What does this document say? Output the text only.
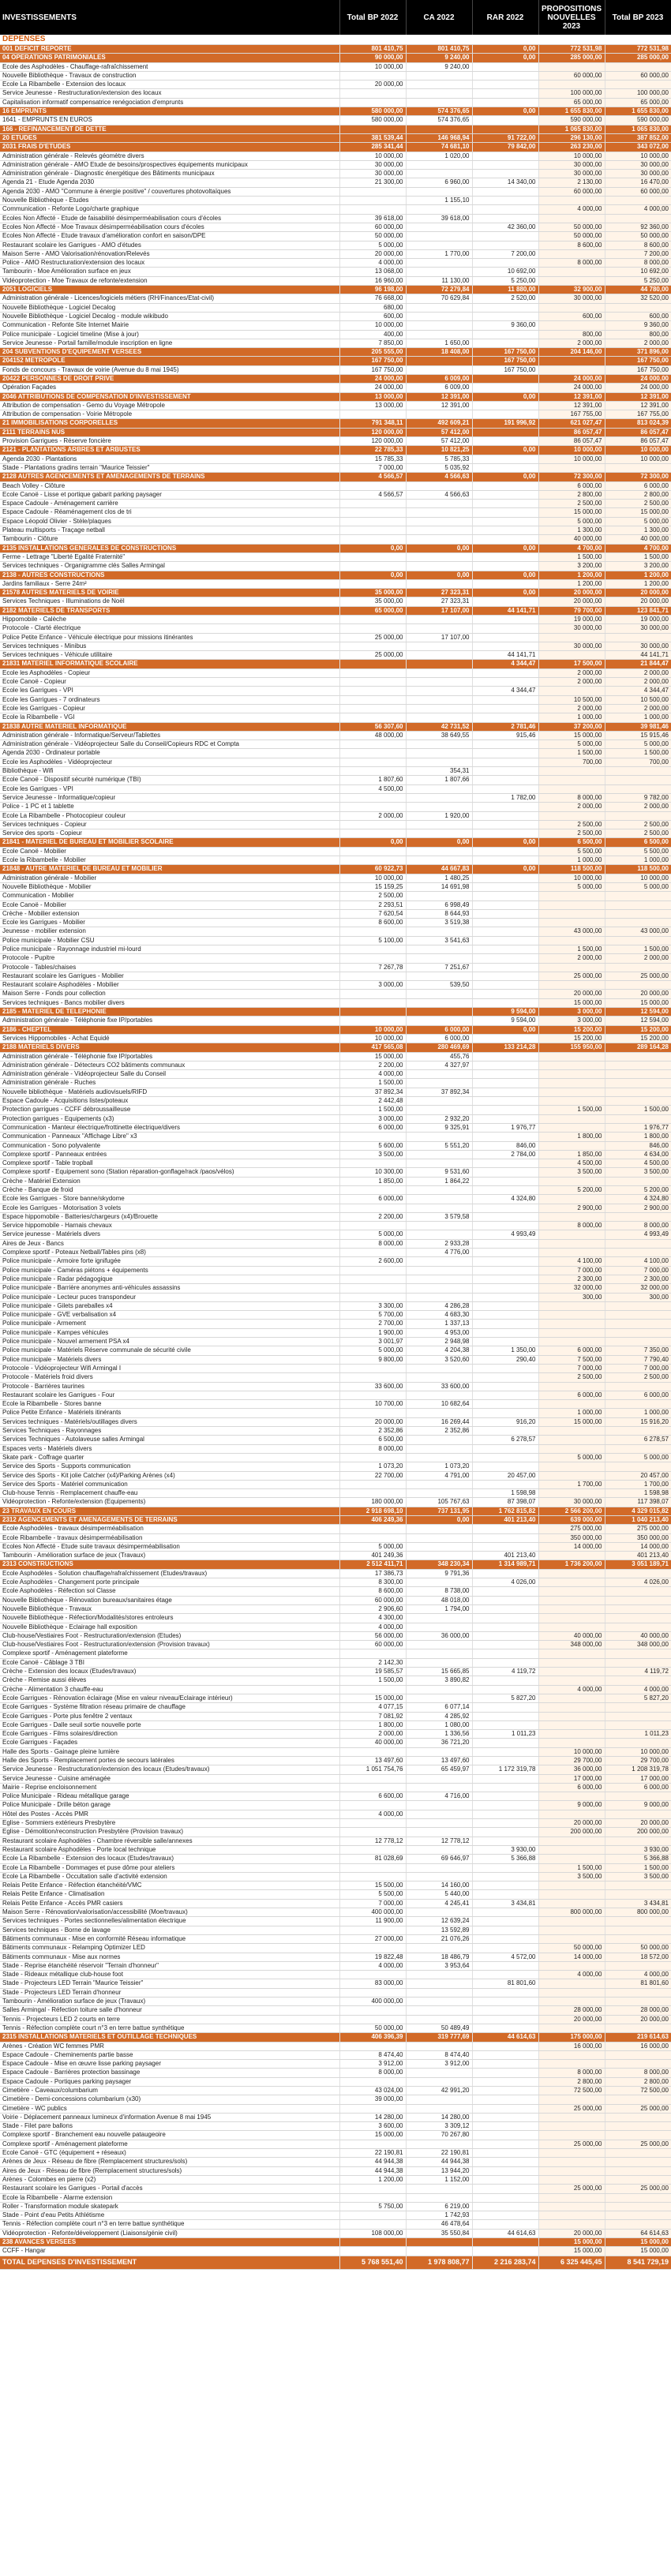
INVESTISSEMENTS	Total BP 2022	CA 2022	RAR 2022	PROPOSITIONS NOUVELLES 2023	Total BP 2023
DEPENSES					
001 DEFICIT REPORTE	801 410,75	801 410,75	0,00	772 531,98	772 531,98
04 OPERATIONS PATRIMONIALES	90 000,00	9 240,00	0,00	285 000,00	285 000,00
Ecole des Asphodèles - Chauffage-rafraîchissement	10 000,00	9 240,00			
Nouvelle Bibliothèque - Travaux de construction				60 000,00	60 000,00
Ecole La Ribambelle - Extension des locaux	20 000,00				
Service Jeunesse - Restructuration/extension des locaux				100 000,00	100 000,00
Capitalisation informatif compensatrice renégociation d'emprunts				65 000,00	65 000,00
16 EMPRUNTS	580 000,00	574 376,65	0,00	1 655 830,00	1 655 830,00
1641 - EMPRUNTS EN EUROS	580 000,00	574 376,65		590 000,00	590 000,00
166 - REFINANCEMENT DE DETTE				1 065 830,00	1 065 830,00
20 ETUDES	381 539,44	146 968,94	91 722,00	296 130,00	387 852,00
2031 FRAIS D'ETUDES	285 341,44	74 681,10	79 842,00	263 230,00	343 072,00
Administration générale - Relevés géomètre divers	10 000,00	1 020,00		10 000,00	10 000,00
Administration générale - AMO Etude de besoins/prospectives équipements municipaux	30 000,00			30 000,00	30 000,00
Administration générale - Diagnostic énergétique des Bâtiments municipaux	30 000,00			30 000,00	30 000,00
Agenda 21 - Etude Agenda 2030	21 300,00	6 960,00	14 340,00	2 130,00	16 470,00
Agenda 2030 - AMO "Commune à énergie positive" / couvertures photovoltaïques				60 000,00	60 000,00
Nouvelle Bibliothèque - Etudes		1 155,10			
Communication - Refonte Logo/charte graphique				4 000,00	4 000,00
Ecoles Non Affecté - Etude de faisabilité désimperméabilisation cours d'écoles	39 618,00	39 618,00			
Ecoles Non Affecté - Moe Travaux désimperméabilisation cours d'écoles	60 000,00		42 360,00	50 000,00	92 360,00
Ecoles Non Affecté - Etude travaux d'amélioration confort en saison/DPE	50 000,00			50 000,00	50 000,00
Restaurant scolaire les Garrigues - AMO d'études	5 000,00			8 600,00	8 600,00
Maison Serre - AMO Valorisation/rénovation/Relevés	20 000,00	1 770,00	7 200,00		7 200,00
Police - AMO Restructuration/extension des locaux	4 000,00			8 000,00	8 000,00
Tambourin - Moe Amélioration surface en jeux	13 068,00		10 692,00		10 692,00
Vidéoprotection - Moe Travaux de refonte/extension	16 960,00	11 130,00	5 250,00		5 250,00
2051 LOGICIELS	96 198,00	72 279,84	11 880,00	32 900,00	44 780,00
Administration générale - Licences/logiciels métiers (RH/Finances/Etat-civil)	76 668,00	70 629,84	2 520,00	30 000,00	32 520,00
Nouvelle Bibliothèque - Logiciel Decalog	680,00				
Nouvelle Bibliothèque - Logiciel Decalog - module wikibudo	600,00			600,00	600,00
Communication - Refonte Site Internet Mairie	10 000,00		9 360,00		9 360,00
Police municipale - Logiciel timeline (Mise à jour)	400,00			800,00	800,00
Service Jeunesse - Portail famille/module inscription en ligne	7 850,00	1 650,00		2 000,00	2 000,00
204 SUBVENTIONS D'EQUIPEMENT VERSEES	205 555,00	18 408,00	167 750,00	204 146,00	371 896,00
204152 METROPOLE	167 750,00		167 750,00		167 750,00
Fonds de concours - Travaux de voirie (Avenue du 8 mai 1945)	167 750,00		167 750,00		167 750,00
20422 PERSONNES DE DROIT PRIVE	24 000,00	6 009,00		24 000,00	24 000,00
Opération Façades	24 000,00	6 009,00		24 000,00	24 000,00
2046 ATTRIBUTIONS DE COMPENSATION D'INVESTISSEMENT	13 000,00	12 391,00	0,00	12 391,00	12 391,00
Attribution de compensation - Gemo du Voyage Métropole	13 000,00	12 391,00		12 391,00	12 391,00
Attribution de compensation - Voirie Métropole				167 755,00	167 755,00
21 IMMOBILISATIONS CORPORELLES	791 348,11	492 609,21	191 996,92	621 027,47	813 024,39
2111 TERRAINS NUS	120 000,00	57 412,00		86 057,47	86 057,47
Provision Garrigues - Réserve foncière	120 000,00	57 412,00		86 057,47	86 057,47
2121 - PLANTATIONS ARBRES ET ARBUSTES	22 785,33	10 821,25	0,00	10 000,00	10 000,00
Agenda 2030 - Plantations	15 785,33	5 785,33		10 000,00	10 000,00
Stade - Plantations gradins terrain "Maurice Teissier"	7 000,00	5 035,92			
2128 AUTRES AGENCEMENTS ET AMENAGEMENTS DE TERRAINS	4 566,57	4 566,63	0,00	72 300,00	72 300,00
Beach Volley - Clôture				6 000,00	6 000,00
Ecole Canoë - Lisse et portique gabarit parking paysager	4 566,57	4 566,63		2 800,00	2 800,00
Espace Cadoule - Aménagement carrière				2 500,00	2 500,00
Espace Cadoule - Réaménagement clos de tri				15 000,00	15 000,00
Espace Léopold Olivier - Stèle/plaques				5 000,00	5 000,00
Plateau multisports - Traçage netball				1 300,00	1 300,00
Tambourin - Clôture				40 000,00	40 000,00
2135 INSTALLATIONS GENERALES DE CONSTRUCTIONS	0,00	0,00	0,00	4 700,00	4 700,00
Ferme - Lettrage "Liberté Egalité Fraternité"				1 500,00	1 500,00
Services techniques - Organigramme clés Salles Armingal				3 200,00	3 200,00
2138 - AUTRES CONSTRUCTIONS	0,00	0,00	0,00	1 200,00	1 200,00
Jardins familiaux - Serre 24m²				1 200,00	1 200,00
21578 AUTRES MATERIELS DE VOIRIE	35 000,00	27 323,31	0,00	20 000,00	20 000,00
Services Techniques - Illuminations de Noël	35 000,00	27 323,31		20 000,00	20 000,00
2182 MATERIELS DE TRANSPORTS	65 000,00	17 107,00	44 141,71	79 700,00	123 841,71
Hippomobile - Calèche				19 000,00	19 000,00
Protocole - Clarté électrique				30 000,00	30 000,00
Police Petite Enfance - Véhicule électrique pour missions itinérantes	25 000,00	17 107,00			
Services techniques - Minibus				30 000,00	30 000,00
Services techniques - Véhicule utilitaire	25 000,00		44 141,71		44 141,71
21831 MATERIEL INFORMATIQUE SCOLAIRE			4 344,47	17 500,00	21 844,47
Ecole les Asphodèles - Copieur				2 000,00	2 000,00
Ecole Canoë - Copieur				2 000,00	2 000,00
Ecole les Garrigues - VPI			4 344,47		4 344,47
Ecole les Garrigues - 7 ordinateurs				10 500,00	10 500,00
Ecole les Garrigues - Copieur				2 000,00	2 000,00
Ecole la Ribambelle - VGI				1 000,00	1 000,00
21838 AUTRE MATERIEL INFORMATIQUE	56 307,60	42 731,52	2 781,46	37 200,00	39 981,46
Administration générale - Informatique/Serveur/Tablettes	48 000,00	38 649,55	915,46	15 000,00	15 915,46
Administration générale - Vidéoprojecteur Salle du Conseil/Copieurs RDC et Compta				5 000,00	5 000,00
Agenda 2030 - Ordinateur portable				1 500,00	1 500,00
Ecole les Asphodèles - Vidéoprojecteur				700,00	700,00
Bibliothèque - Wifi		354,31			
Ecole Canoë - Dispositif sécurité numérique (TBI)	1 807,60	1 807,66			
Ecole les Garrigues - VPI	4 500,00				
Service Jeunesse - Informatique/copieur			1 782,00	8 000,00	9 782,00
Police - 1 PC et 1 tablette				2 000,00	2 000,00
Ecole La Ribambelle - Photocopieur couleur	2 000,00	1 920,00			
Services techniques - Copieur				2 500,00	2 500,00
Service des sports - Copieur				2 500,00	2 500,00
21841 - MATERIEL DE BUREAU ET MOBILIER SCOLAIRE	0,00	0,00	0,00	6 500,00	6 500,00
Ecole Canoë - Mobilier				5 500,00	5 500,00
Ecole la Ribambelle - Mobilier				1 000,00	1 000,00
21848 - AUTRE MATERIEL DE BUREAU ET MOBILIER	60 922,73	44 667,83	0,00	118 500,00	118 500,00
Administration générale - Mobilier	10 000,00	1 480,25		10 000,00	10 000,00
Nouvelle Bibliothèque - Mobilier	15 159,25	14 691,98		5 000,00	5 000,00
Communication - Mobilier	2 500,00				
Ecole Canoë - Mobilier	2 293,51	6 998,49			
Crèche - Mobilier extension	7 620,54	8 644,93			
Ecole les Garrigues - Mobilier	8 600,00	3 519,38			
Jeunesse - mobilier extension				43 000,00	43 000,00
Police municipale - Mobilier CSU	5 100,00	3 541,63			
Police municipale - Rayonnage industriel mi-lourd				1 500,00	1 500,00
Protocole - Pupitre				2 000,00	2 000,00
Protocole - Tables/chaises	7 267,78	7 251,67			
Restaurant scolaire les Garrigues - Mobilier				25 000,00	25 000,00
Restaurant scolaire Asphodèles - Mobilier	3 000,00	539,50			
Maison Serre - Fonds pour collection				20 000,00	20 000,00
Services techniques - Bancs mobilier divers				15 000,00	15 000,00
2185 - MATERIEL DE TELEPHONIE			9 594,00	3 000,00	12 594,00
Administration générale - Téléphonie fixe IP/portables			9 594,00	3 000,00	12 594,00
2186 - CHEPTEL	10 000,00	6 000,00	0,00	15 200,00	15 200,00
Services Hippomobiles - Achat Equidé	10 000,00	6 000,00		15 200,00	15 200,00
2188 MATERIELS DIVERS	417 565,08	280 469,69	133 214,28	155 950,00	289 164,28
Administration générale - Téléphonie fixe IP/portables	15 000,00	455,76			
Administration générale - Détecteurs CO2 bâtiments communaux	2 200,00	4 327,97			
Administration générale - Vidéoprojecteur Salle du Conseil	4 000,00				
Administration générale - Ruches	1 500,00				
Nouvelle bibliothèque - Matériels audiovisuels/RIFD	37 892,34	37 892,34			
Espace Cadoule - Acquisitions listes/poteaux	2 442,48				
Protection garrigues - CCFF débroussailleuse	1 500,00			1 500,00	1 500,00
Protection garrigues - Equipements (x3)	3 000,00	2 932,20			
Communication - Manteur électrique/frottinette électrique/divers	6 000,00	9 325,91	1 976,77		1 976,77
Communication - Panneaux "Affichage Libre" x3				1 800,00	1 800,00
Communication - Sono polyvalente	5 600,00	5 551,20	846,00		846,00
Complexe sportif - Panneaux entrées	3 500,00		2 784,00	1 850,00	4 634,00
Complexe sportif - Table tropball				4 500,00	4 500,00
Complexe sportif - Equipement sono (Station réparation-gonflage/rack /paos/vélos)	10 300,00	9 531,60		3 500,00	3 500,00
Crèche - Matériel Extension	1 850,00	1 864,22			
Crèche - Banque de froid				5 200,00	5 200,00
Ecole les Garrigues - Store banne/skydome	6 000,00		4 324,80		4 324,80
Ecole les Garrigues - Motorisation 3 volets				2 900,00	2 900,00
Espace hippomobile - Batteries/chargeurs (x4)/Brouette	2 200,00	3 579,58			
Service hippomobile - Harnais chevaux				8 000,00	8 000,00
Service jeunesse - Matériels divers	5 000,00		4 993,49		4 993,49
Aires de Jeux - Bancs	8 000,00	2 933,28			
Complexe sportif - Poteaux Netball/Tables pins (x8)		4 776,00			
Police municipale - Armoire forte ignifugée	2 600,00			4 100,00	4 100,00
Police municipale - Caméras piétons + équipements				7 000,00	7 000,00
Police municipale - Radar pédagogique				2 300,00	2 300,00
Police municipale - Barrière anonymes anti-véhicules assassins				32 000,00	32 000,00
Police municipale - Lecteur puces transpondeur				300,00	300,00
Police municipale - Gilets pareballes x4	3 300,00	4 286,28			
Police municipale - GVE verbalisation x4	5 700,00	4 683,30			
Police municipale - Armement	2 700,00	1 337,13			
Police municipale - Kampes véhicules	1 900,00	4 953,00			
Police municipale - Nouvel armement PSA x4	3 001,97	2 948,98			
Police municipale - Matériels Réserve communale de sécurité civile	5 000,00	4 204,38	1 350,00	6 000,00	7 350,00
Police municipale - Matériels divers	9 800,00	3 520,60	290,40	7 500,00	7 790,40
Protocole - Vidéoprojecteur Wifi Armingal I				7 000,00	7 000,00
Protocole - Matériels froid divers				2 500,00	2 500,00
Protocole - Barrières taurines	33 600,00	33 600,00			
Restaurant scolaire les Garrigues - Four				6 000,00	6 000,00
Ecole la Ribambelle - Stores banne	10 700,00	10 682,64			
Police Petite Enfance - Matériels itinérants				1 000,00	1 000,00
Services techniques - Matériels/outillages divers	20 000,00	16 269,44	916,20	15 000,00	15 916,20
Services Techniques - Rayonnages	2 352,86	2 352,86			
Services Techniques - Autolaveuse salles Armingal	6 500,00		6 278,57		6 278,57
Espaces verts - Matériels divers	8 000,00				
Skate park - Coffrage quarter				5 000,00	5 000,00
Service des Sports - Supports communication	1 073,20	1 073,20			
Service des Sports - Kit jolie Catcher (x4)/Parking Arènes (x4)	22 700,00	4 791,00	20 457,00		20 457,00
Service des Sports - Matériel communication				1 700,00	1 700,00
Club-house Tennis - Remplacement chauffe-eau			1 598,98		1 598,98
Vidéoprotection - Refonte/extension (Equipements)	180 000,00	105 767,63	87 398,07	30 000,00	117 398,07
23 TRAVAUX EN COURS	2 918 698,10	737 131,95	1 762 815,82	2 566 200,00	4 329 015,82
2312 AGENCEMENTS ET AMENAGEMENTS DE TERRAINS	406 249,36	0,00	401 213,40	639 000,00	1 040 213,40
Ecole Asphodèles - travaux désimperméabilisation				275 000,00	275 000,00
Ecole Ribambelle - travaux désimperméabilisation				350 000,00	350 000,00
Ecoles Non Affecté - Etude suite travaux désimperméabilisation	5 000,00			14 000,00	14 000,00
Tambourin - Amélioration surface de jeux (Travaux)	401 249,36		401 213,40		401 213,40
2313 CONSTRUCTIONS	2 512 411,71	348 230,34	1 314 989,71	1 736 200,00	3 051 189,71
Ecole Asphodèles - Solution chauffage/rafraîchissement (Etudes/travaux)	17 386,73	9 791,36			
Ecole Asphodèles - Changement porte principale	8 300,00		4 026,00		4 026,00
Ecole Asphodèles - Réfection sol Classe	8 600,00	8 738,00			
Nouvelle Bibliothèque - Rénovation bureaux/sanitaires étage	60 000,00	48 018,00			
Nouvelle Bibliothèque - Travaux	2 906,60	1 794,00			
Nouvelle Bibliothèque - Réfection/Modalités/stores entroleurs	4 300,00				
Nouvelle Bibliothèque - Eclairage hall exposition	4 000,00				
Club-house/Vestiaires Foot - Restructuration/extension (Etudes)	56 000,00	36 000,00		40 000,00	40 000,00
Club-house/Vestiaires Foot - Restructuration/extension (Provision travaux)	60 000,00			348 000,00	348 000,00
Complexe sportif - Aménagement plateforme					
Ecole Canoë - Câblage 3 TBI	2 142,30				
Crèche - Extension des locaux (Etudes/travaux)	19 585,57	15 665,85	4 119,72		4 119,72
Crèche - Remise aussi élèves	1 500,00	3 890,82			
Crèche - Alimentation 3 chauffe-eau				4 000,00	4 000,00
Ecole Garrigues - Rénovation éclairage (Mise en valeur niveau/Eclairage intérieur)	15 000,00		5 827,20		5 827,20
Ecole Garrigues - Système filtration réseau primaire de chauffage	4 077,15	6 077,14			
Ecole Garrigues - Porte plus fenêtre 2 ventaux	7 081,92	4 285,92			
Ecole Garrigues - Dalle seuil sortie nouvelle porte	1 800,00	1 080,00			
Ecole Garrigues - Films solaires/direction	2 000,00	1 336,56	1 011,23		1 011,23
Ecole Garrigues - Façades	40 000,00	36 721,20			
Halle des Sports - Gainage pleine lumière				10 000,00	10 000,00
Halle des Sports - Remplacement portes de secours latérales	13 497,60	13 497,60		29 700,00	29 700,00
Service Jeunesse - Restructuration/extension des locaux (Etudes/travaux)	1 051 754,76	65 459,97	1 172 319,78	36 000,00	1 208 319,78
Service Jeunesse - Cuisine aménagée				17 000,00	17 000,00
Mairie - Reprise encloisonnement				6 000,00	6 000,00
Police Municipale - Rideau métallique garage	6 600,00	4 716,00			
Police Municipale - Drille béton garage				9 000,00	9 000,00
Hôtel des Postes - Accès PMR	4 000,00				
Eglise - Sommiers extérieurs Presbytère				20 000,00	20 000,00
Eglise - Démolition/reconstruction Presbytère (Provision travaux)				200 000,00	200 000,00
Restaurant scolaire Asphodèles - Chambre réversible salle/annexes	12 778,12	12 778,12			
Restaurant scolaire Asphodèles - Porte local technique			3 930,00		3 930,00
Ecole La Ribambelle - Extension des locaux (Etudes/travaux)	81 028,69	69 646,97	5 366,88		5 366,88
Ecole La Ribambelle - Dommages et puse dôme pour ateliers				1 500,00	1 500,00
Ecole La Ribambelle - Occultation salle d'activité extension				3 500,00	3 500,00
Relais Petite Enfance - Réfection étanchéité/VMC	15 500,00	14 160,00			
Relais Petite Enfance - Climatisation	5 500,00	5 440,00			
Relais Petite Enfance - Accès PMR casiers	7 000,00	4 245,41	3 434,81		3 434,81
Maison Serre - Rénovation/valorisation/accessibilité (Moe/travaux)	400 000,00			800 000,00	800 000,00
Services techniques - Portes sectionnelles/alimentation électrique	11 900,00	12 639,24			
Services techniques - Borne de lavage		13 592,89			
Bâtiments communaux - Mise en conformité Réseau informatique	27 000,00	21 076,26			
Bâtiments communaux - Relamping Optimizer LED				50 000,00	50 000,00
Bâtiments communaux - Mise aux normes	19 822,48	18 486,79	4 572,00	14 000,00	18 572,00
Stade - Reprise étanchéité réservoir "Terrain d'honneur"	4 000,00	3 953,64			
Stade - Rideaux métallique club-house foot				4 000,00	4 000,00
Stade - Projecteurs LED Terrain "Maurice Teissier"	83 000,00		81 801,60		81 801,60
Stade - Projecteurs LED Terrain d'honneur					
Tambourin - Amélioration surface de jeux (Travaux)	400 000,00				
Salles Armingal - Réfection toiture salle d'honneur				28 000,00	28 000,00
Tennis - Projecteurs LED 2 courts en terre				20 000,00	20 000,00
Tennis - Réfection complète court n°3 en terre battue synthétique	50 000,00	50 489,49			
2315 INSTALLATIONS MATERIELS ET OUTILLAGE TECHNIQUES	406 396,39	319 777,69	44 614,63	175 000,00	219 614,63
Arènes - Création WC femmes PMR				16 000,00	16 000,00
Espace Cadoule - Cheminements partie basse	8 474,40	8 474,40			
Espace Cadoule - Mise en œuvre lisse parking paysager	3 912,00	3 912,00			
Espace Cadoule - Barrières protection bassinage	8 000,00			8 000,00	8 000,00
Espace Cadoule - Portiques parking paysager				2 800,00	2 800,00
Cimetière - Caveaux/columbarium	43 024,00	42 991,20		72 500,00	72 500,00
Cimetière - Demi-concessions columbarium (x30)	39 000,00				
Cimetière - WC publics				25 000,00	25 000,00
Voirie - Déplacement panneaux lumineux d'information Avenue 8 mai 1945	14 280,00	14 280,00			
Stade - Filet pare ballons	3 600,00	3 309,12			
Complexe sportif - Branchement eau nouvelle pataugeoire	15 000,00	70 267,80			
Complexe sportif - Aménagement plateforme				25 000,00	25 000,00
Ecole Canoë - GTC (équipement + réseaux)	22 190,81	22 190,81			
Arènes de Jeux - Réseau de fibre (Remplacement structures/sols)	44 944,38	44 944,38			
Aires de Jeux - Réseau de fibre (Remplacement structures/sols)	44 944,38	13 944,20			
Arènes - Colombes en pierre (x2)	1 200,00	1 152,00			
Restaurant scolaire les Garrigues - Portail d'accès				25 000,00	25 000,00
Ecole la Ribambelle - Alarme extension					
Roller - Transformation module skatepark	5 750,00	6 219,00			
Stade - Point d'eau Petits Athlétisme		1 742,93			
Tennis - Réfection complète court n°3 en terre battue synthétique		46 478,64			
Vidéoprotection - Refonte/développement (Liaisons/génie civil)	108 000,00	35 550,84	44 614,63	20 000,00	64 614,63
238 AVANCES VERSEES				15 000,00	15 000,00
CCFF - Hangar				15 000,00	15 000,00
TOTAL DEPENSES D'INVESTISSEMENT	5 768 551,40	1 978 808,77	2 216 283,74	6 325 445,45	8 541 729,19
